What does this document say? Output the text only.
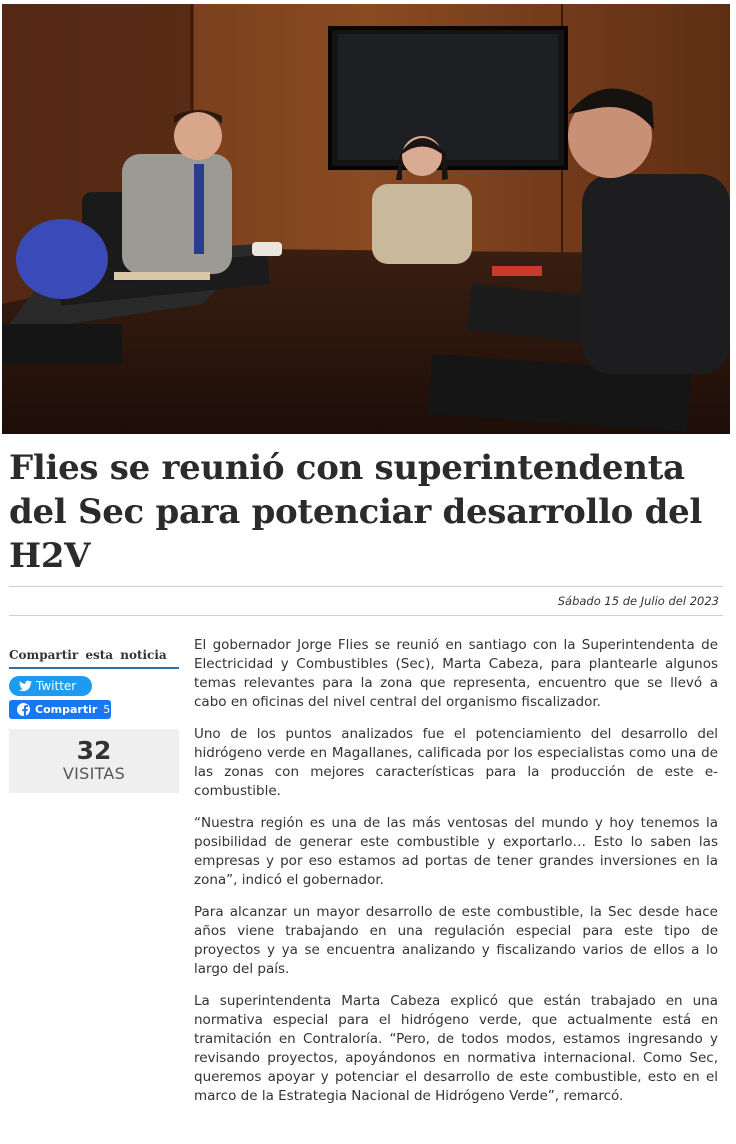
Flies se reunió con superintendenta del Sec para potenciar desarrollo del H2V
Sábado 15 de Julio del 2023
Compartir esta noticia
Twitter
Compartir 5
32
VISITAS

El gobernador Jorge Flies se reunió en santiago con la Superintendenta de Electricidad y Combustibles (Sec), Marta Cabeza, para plantearle algunos temas relevantes para la zona que representa, encuentro que se llevó a cabo en oficinas del nivel central del organismo fiscalizador.

Uno de los puntos analizados fue el potenciamiento del desarrollo del hidrógeno verde en Magallanes, calificada por los especialistas como una de las zonas con mejores características para la producción de este e-combustible.

“Nuestra región es una de las más ventosas del mundo y hoy tenemos la posibilidad de generar este combustible y exportarlo… Esto lo saben las empresas y por eso estamos ad portas de tener grandes inversiones en la zona”, indicó el gobernador.

Para alcanzar un mayor desarrollo de este combustible, la Sec desde hace años viene trabajando en una regulación especial para este tipo de proyectos y ya se encuentra analizando y fiscalizando varios de ellos a lo largo del país.

La superintendenta Marta Cabeza explicó que están trabajado en una normativa especial para el hidrógeno verde, que actualmente está en tramitación en Contraloría. “Pero, de todos modos, estamos ingresando y revisando proyectos, apoyándonos en normativa internacional. Como Sec, queremos apoyar y potenciar el desarrollo de este combustible, esto en el marco de la Estrategia Nacional de Hidrógeno Verde”, remarcó.
